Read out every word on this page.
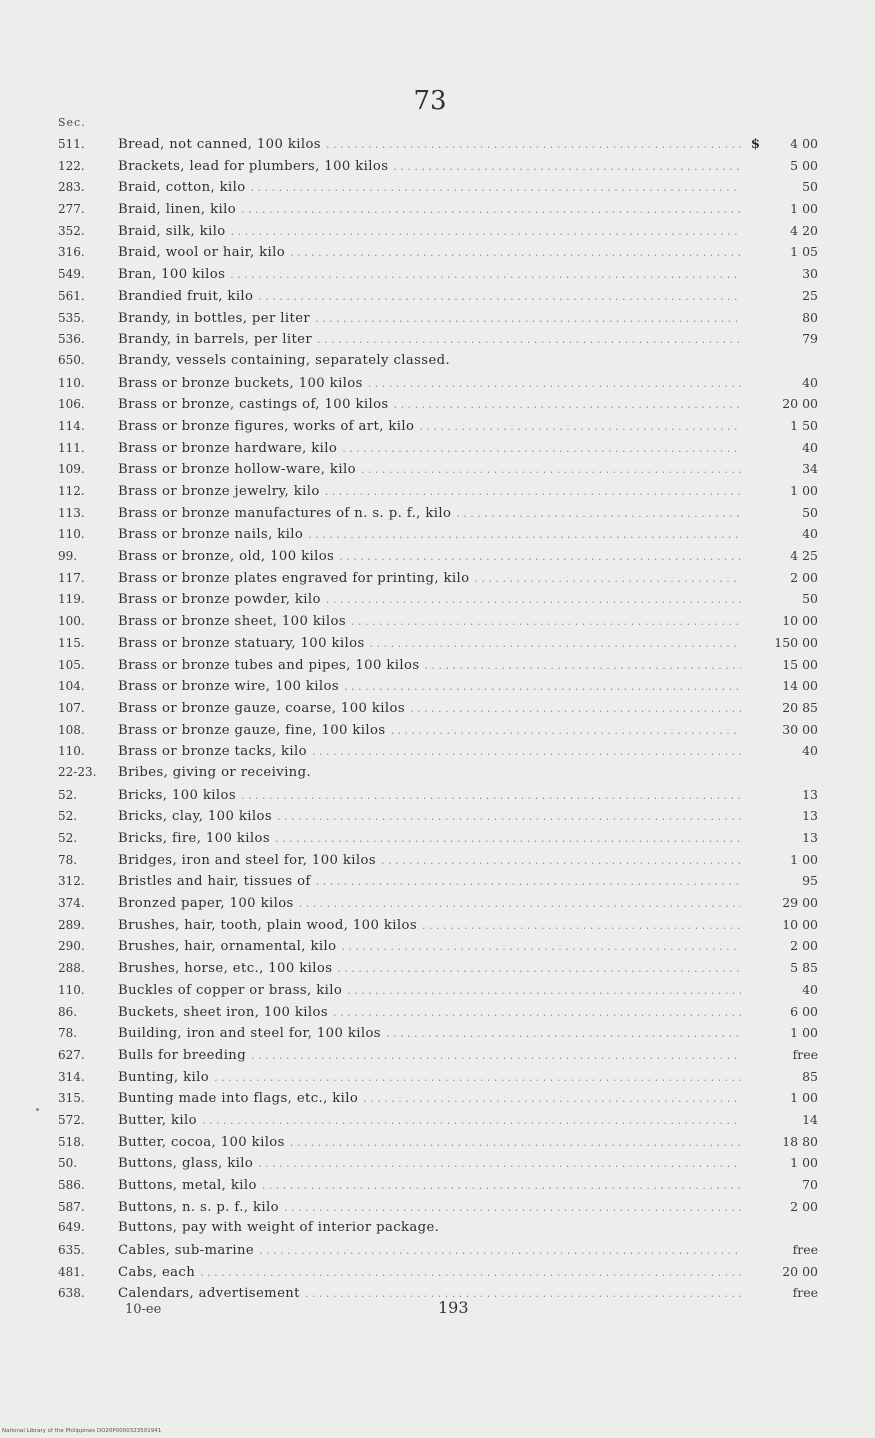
73
Sec.
511.	Bread, not canned, 100 kilos . . .	$	4 00
122.	Brackets, lead for plumbers, 100 kilos . . .	5 00
283.	Braid, cotton, kilo . . .	50
277.	Braid, linen, kilo . . .	1 00
352.	Braid, silk, kilo . . .	4 20
316.	Braid, wool or hair, kilo . . .	1 05
549.	Bran, 100 kilos . . .	30
561.	Brandied fruit, kilo . . .	25
535.	Brandy, in bottles, per liter . . .	80
536.	Brandy, in barrels, per liter . . .	79
650.	Brandy, vessels containing, separately classed.
110.	Brass or bronze buckets, 100 kilos . . .	40
106.	Brass or bronze, castings of, 100 kilos . . .	20 00
114.	Brass or bronze figures, works of art, kilo . . .	1 50
111.	Brass or bronze hardware, kilo . . .	40
109.	Brass or bronze hollow-ware, kilo . . .	34
112.	Brass or bronze jewelry, kilo . . .	1 00
113.	Brass or bronze manufactures of n. s. p. f., kilo . . .	50
110.	Brass or bronze nails, kilo . . .	40
99.	Brass or bronze, old, 100 kilos . . .	4 25
117.	Brass or bronze plates engraved for printing, kilo . . .	2 00
119.	Brass or bronze powder, kilo . . .	50
100.	Brass or bronze sheet, 100 kilos . . .	10 00
115.	Brass or bronze statuary, 100 kilos . . .	150 00
105.	Brass or bronze tubes and pipes, 100 kilos . . .	15 00
104.	Brass or bronze wire, 100 kilos . . .	14 00
107.	Brass or bronze gauze, coarse, 100 kilos . . .	20 85
108.	Brass or bronze gauze, fine, 100 kilos . . .	30 00
110.	Brass or bronze tacks, kilo . . .	40
22-23.	Bribes, giving or receiving.
52.	Bricks, 100 kilos . . .	13
52.	Bricks, clay, 100 kilos . . .	13
52.	Bricks, fire, 100 kilos . . .	13
78.	Bridges, iron and steel for, 100 kilos . . .	1 00
312.	Bristles and hair, tissues of . . .	95
374.	Bronzed paper, 100 kilos . . .	29 00
289.	Brushes, hair, tooth, plain wood, 100 kilos . . .	10 00
290.	Brushes, hair, ornamental, kilo . . .	2 00
288.	Brushes, horse, etc., 100 kilos . . .	5 85
110.	Buckles of copper or brass, kilo . . .	40
86.	Buckets, sheet iron, 100 kilos . . .	6 00
78.	Building, iron and steel for, 100 kilos . . .	1 00
627.	Bulls for breeding . . .	free
314.	Bunting, kilo . . .	85
315.	Bunting made into flags, etc., kilo . . .	1 00
572.	Butter, kilo . . .	14
518.	Butter, cocoa, 100 kilos . . .	18 80
50.	Buttons, glass, kilo . . .	1 00
586.	Buttons, metal, kilo . . .	70
587.	Buttons, n. s. p. f., kilo . . .	2 00
649.	Buttons, pay with weight of interior package.
635.	Cables, sub-marine . . .	free
481.	Cabs, each . . .	20 00
638.	Calendars, advertisement . . .	free
10-ee	193
National Library of the Philippines DO20P0000323501941
